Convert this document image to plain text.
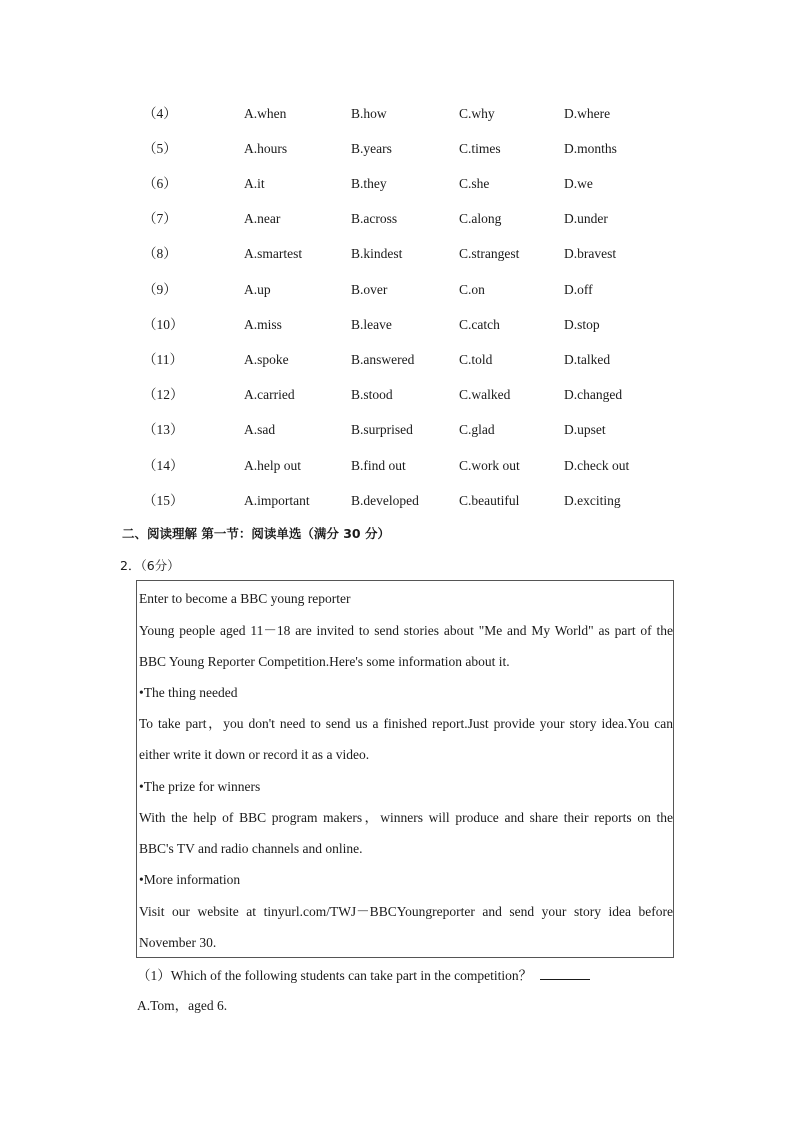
（4）	A.when	B.how	C.why	D.where
（5）	A.hours	B.years	C.times	D.months
（6）	A.it	B.they	C.she	D.we
（7）	A.near	B.across	C.along	D.under
（8）	A.smartest	B.kindest	C.strangest	D.bravest
（9）	A.up	B.over	C.on	D.off
（10）	A.miss	B.leave	C.catch	D.stop
（11）	A.spoke	B.answered	C.told	D.talked
（12）	A.carried	B.stood	C.walked	D.changed
（13）	A.sad	B.surprised	C.glad	D.upset
（14）	A.help out	B.find out	C.work out	D.check out
（15）	A.important	B.developed	C.beautiful	D.exciting
二、阅读理解 第一节：阅读单选（满分 30 分）
2．（6分）
Enter to become a BBC young reporter
Young people aged 11－18 are invited to send stories about "Me and My World" as part of the
BBC Young Reporter Competition.Here's some information about it.
•The thing needed
To take part，you don't need to send us a finished report.Just provide your story idea.You can
either write it down or record it as a video.
•The prize for winners
With the help of BBC program makers，winners will produce and share their reports on the
BBC's TV and radio channels and online.
•More information
Visit our website at tinyurl.com/TWJ－BBCYoungreporter and send your story idea before
November 30.
（1）Which of the following students can take part in the competition？
A.Tom，aged 6.
